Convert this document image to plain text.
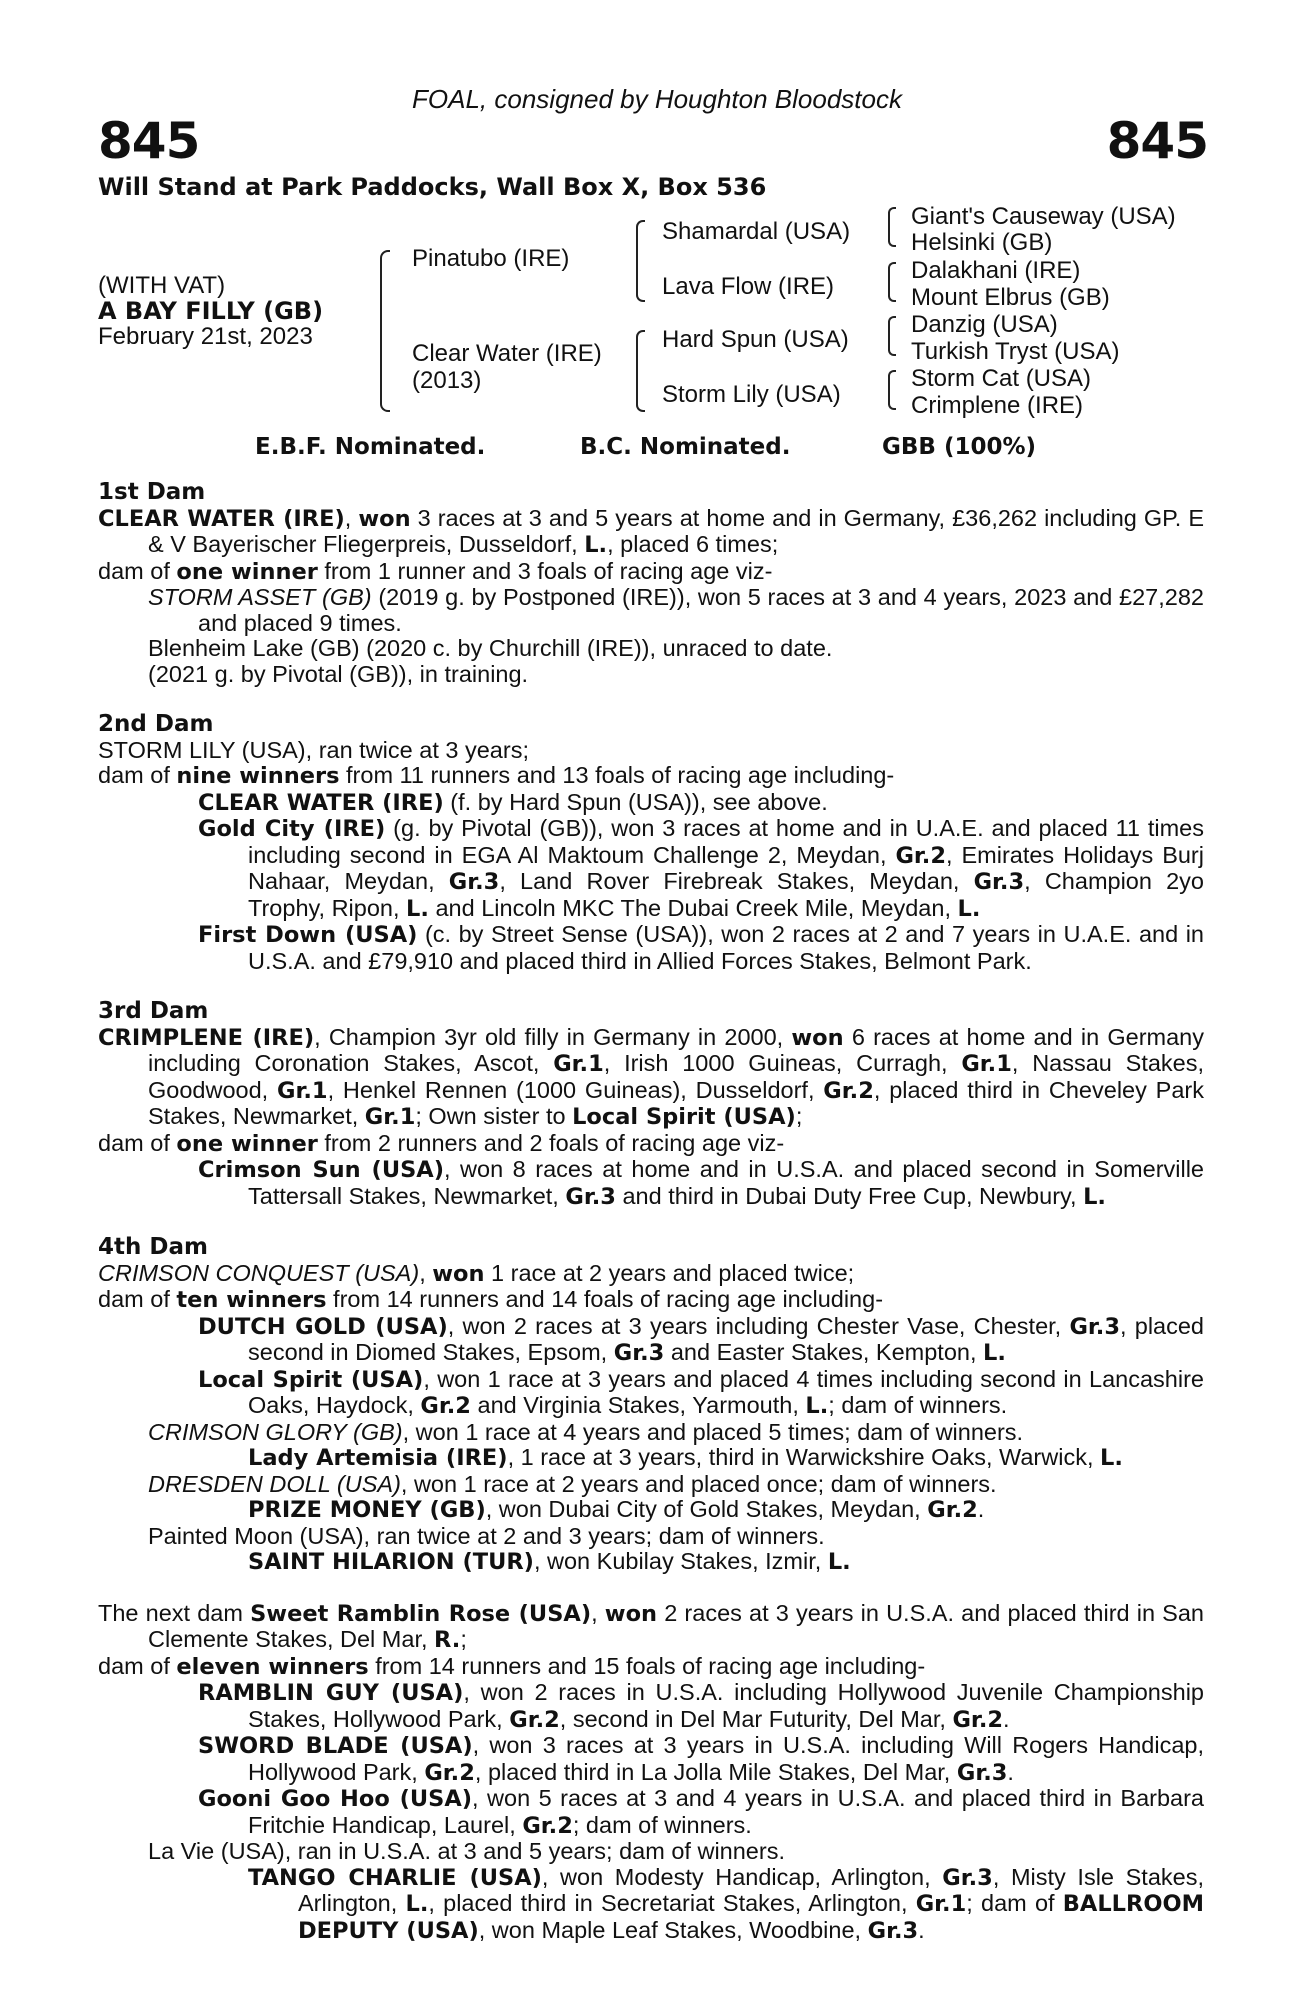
FOAL, consigned by Houghton Bloodstock
845	845
Will Stand at Park Paddocks, Wall Box X, Box 536
(WITH VAT)
A BAY FILLY (GB)
February 21st, 2023
Pinatubo (IRE)
Clear Water (IRE)
(2013)
Shamardal (USA)
Lava Flow (IRE)
Hard Spun (USA)
Storm Lily (USA)
Giant's Causeway (USA)
Helsinki (GB)
Dalakhani (IRE)
Mount Elbrus (GB)
Danzig (USA)
Turkish Tryst (USA)
Storm Cat (USA)
Crimplene (IRE)
E.B.F. Nominated.	B.C. Nominated.	GBB (100%)
1st Dam

CLEAR WATER (IRE), won 3 races at 3 and 5 years at home and in Germany, £36,262 including GP. E & V Bayerischer Fliegerpreis, Dusseldorf, L., placed 6 times;

dam of one winner from 1 runner and 3 foals of racing age viz-

STORM ASSET (GB) (2019 g. by Postponed (IRE)), won 5 races at 3 and 4 years, 2023 and £27,282 and placed 9 times.

Blenheim Lake (GB) (2020 c. by Churchill (IRE)), unraced to date.

(2021 g. by Pivotal (GB)), in training.

2nd Dam

STORM LILY (USA), ran twice at 3 years;

dam of nine winners from 11 runners and 13 foals of racing age including-

CLEAR WATER (IRE) (f. by Hard Spun (USA)), see above.

Gold City (IRE) (g. by Pivotal (GB)), won 3 races at home and in U.A.E. and placed 11 times including second in EGA Al Maktoum Challenge 2, Meydan, Gr.2, Emirates Holidays Burj Nahaar, Meydan, Gr.3, Land Rover Firebreak Stakes, Meydan, Gr.3, Champion 2yo Trophy, Ripon, L. and Lincoln MKC The Dubai Creek Mile, Meydan, L.

First Down (USA) (c. by Street Sense (USA)), won 2 races at 2 and 7 years in U.A.E. and in U.S.A. and £79,910 and placed third in Allied Forces Stakes, Belmont Park.

3rd Dam

CRIMPLENE (IRE), Champion 3yr old filly in Germany in 2000, won 6 races at home and in Germany including Coronation Stakes, Ascot, Gr.1, Irish 1000 Guineas, Curragh, Gr.1, Nassau Stakes, Goodwood, Gr.1, Henkel Rennen (1000 Guineas), Dusseldorf, Gr.2, placed third in Cheveley Park Stakes, Newmarket, Gr.1; Own sister to Local Spirit (USA);

dam of one winner from 2 runners and 2 foals of racing age viz-

Crimson Sun (USA), won 8 races at home and in U.S.A. and placed second in Somerville Tattersall Stakes, Newmarket, Gr.3 and third in Dubai Duty Free Cup, Newbury, L.

4th Dam

CRIMSON CONQUEST (USA), won 1 race at 2 years and placed twice;

dam of ten winners from 14 runners and 14 foals of racing age including-

DUTCH GOLD (USA), won 2 races at 3 years including Chester Vase, Chester, Gr.3, placed second in Diomed Stakes, Epsom, Gr.3 and Easter Stakes, Kempton, L.

Local Spirit (USA), won 1 race at 3 years and placed 4 times including second in Lancashire Oaks, Haydock, Gr.2 and Virginia Stakes, Yarmouth, L.; dam of winners.

CRIMSON GLORY (GB), won 1 race at 4 years and placed 5 times; dam of winners.

Lady Artemisia (IRE), 1 race at 3 years, third in Warwickshire Oaks, Warwick, L.

DRESDEN DOLL (USA), won 1 race at 2 years and placed once; dam of winners.

PRIZE MONEY (GB), won Dubai City of Gold Stakes, Meydan, Gr.2.

Painted Moon (USA), ran twice at 2 and 3 years; dam of winners.

SAINT HILARION (TUR), won Kubilay Stakes, Izmir, L.

The next dam Sweet Ramblin Rose (USA), won 2 races at 3 years in U.S.A. and placed third in San Clemente Stakes, Del Mar, R.;

dam of eleven winners from 14 runners and 15 foals of racing age including-

RAMBLIN GUY (USA), won 2 races in U.S.A. including Hollywood Juvenile Championship Stakes, Hollywood Park, Gr.2, second in Del Mar Futurity, Del Mar, Gr.2.

SWORD BLADE (USA), won 3 races at 3 years in U.S.A. including Will Rogers Handicap, Hollywood Park, Gr.2, placed third in La Jolla Mile Stakes, Del Mar, Gr.3.

Gooni Goo Hoo (USA), won 5 races at 3 and 4 years in U.S.A. and placed third in Barbara Fritchie Handicap, Laurel, Gr.2; dam of winners.

La Vie (USA), ran in U.S.A. at 3 and 5 years; dam of winners.

TANGO CHARLIE (USA), won Modesty Handicap, Arlington, Gr.3, Misty Isle Stakes, Arlington, L., placed third in Secretariat Stakes, Arlington, Gr.1; dam of BALLROOM DEPUTY (USA), won Maple Leaf Stakes, Woodbine, Gr.3.
